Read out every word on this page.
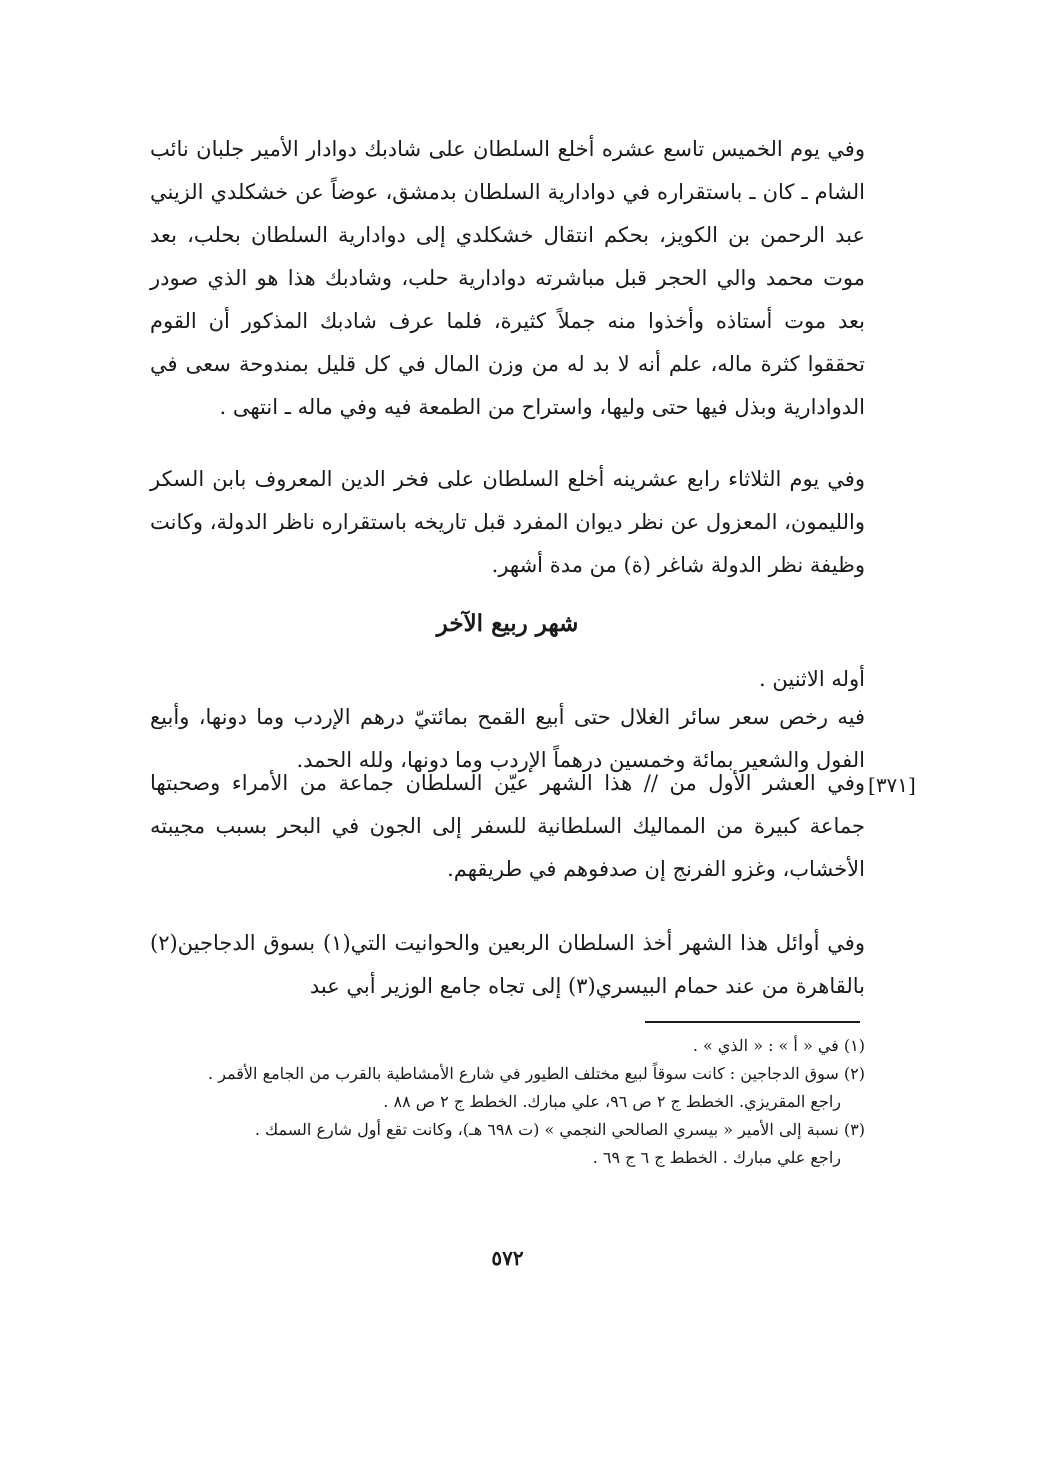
وفي يوم الخميس تاسع عشره أخلع السلطان على شادبك دوادار الأمير جلبان نائب الشام ـ كان ـ باستقراره في دوادارية السلطان بدمشق، عوضاً عن خشكلدي الزيني عبد الرحمن بن الكويز، بحكم انتقال خشكلدي إلى دوادارية السلطان بحلب، بعد موت محمد والي الحجر قبل مباشرته دوادارية حلب، وشادبك هذا هو الذي صودر بعد موت أستاذه وأخذوا منه جملاً كثيرة، فلما عرف شادبك المذكور أن القوم تحققوا كثرة ماله، علم أنه لا بد له من وزن المال في كل قليل بمندوحة سعى في الدوادارية وبذل فيها حتى وليها، واستراح من الطمعة فيه وفي ماله ـ انتهى .

وفي يوم الثلاثاء رابع عشرينه أخلع السلطان على فخر الدين المعروف بابن السكر والليمون، المعزول عن نظر ديوان المفرد قبل تاريخه باستقراره ناظر الدولة، وكانت وظيفة نظر الدولة شاغر (ة) من مدة أشهر.

شهر ربيع الآخر

أوله الاثنين .

فيه رخص سعر سائر الغلال حتى أبيع القمح بمائتيّ درهم الإردب وما دونها، وأبيع الفول والشعير بمائة وخمسين درهماً الإردب وما دونها، ولله الحمد.

[٣٧١]

وفي العشر الأول من // هذا الشهر عيّن السلطان جماعة من الأمراء وصحبتها جماعة كبيرة من المماليك السلطانية للسفر إلى الجون في البحر بسبب مجيبته الأخشاب، وغزو الفرنج إن صدفوهم في طريقهم.

وفي أوائل هذا الشهر أخذ السلطان الربعين والحوانيت التي(١) بسوق الدجاجين(٢) بالقاهرة من عند حمام البيسري(٣) إلى تجاه جامع الوزير أبي عبد

(١) في « أ » : « الذي » .

(٢) سوق الدجاجين : كانت سوقاً لبيع مختلف الطيور في شارع الأمشاطية بالقرب من الجامع الأقمر .

راجع المقريزي. الخطط ج ٢ ص ٩٦، علي مبارك. الخطط ج ٢ ص ٨٨ .

(٣) نسبة إلى الأمير « بيسري الصالحي النجمي » (ت ٦٩٨ هـ)، وكانت تقع أول شارع السمك .

راجع علي مبارك . الخطط ج ٦ ج ٦٩ .

٥٧٢
